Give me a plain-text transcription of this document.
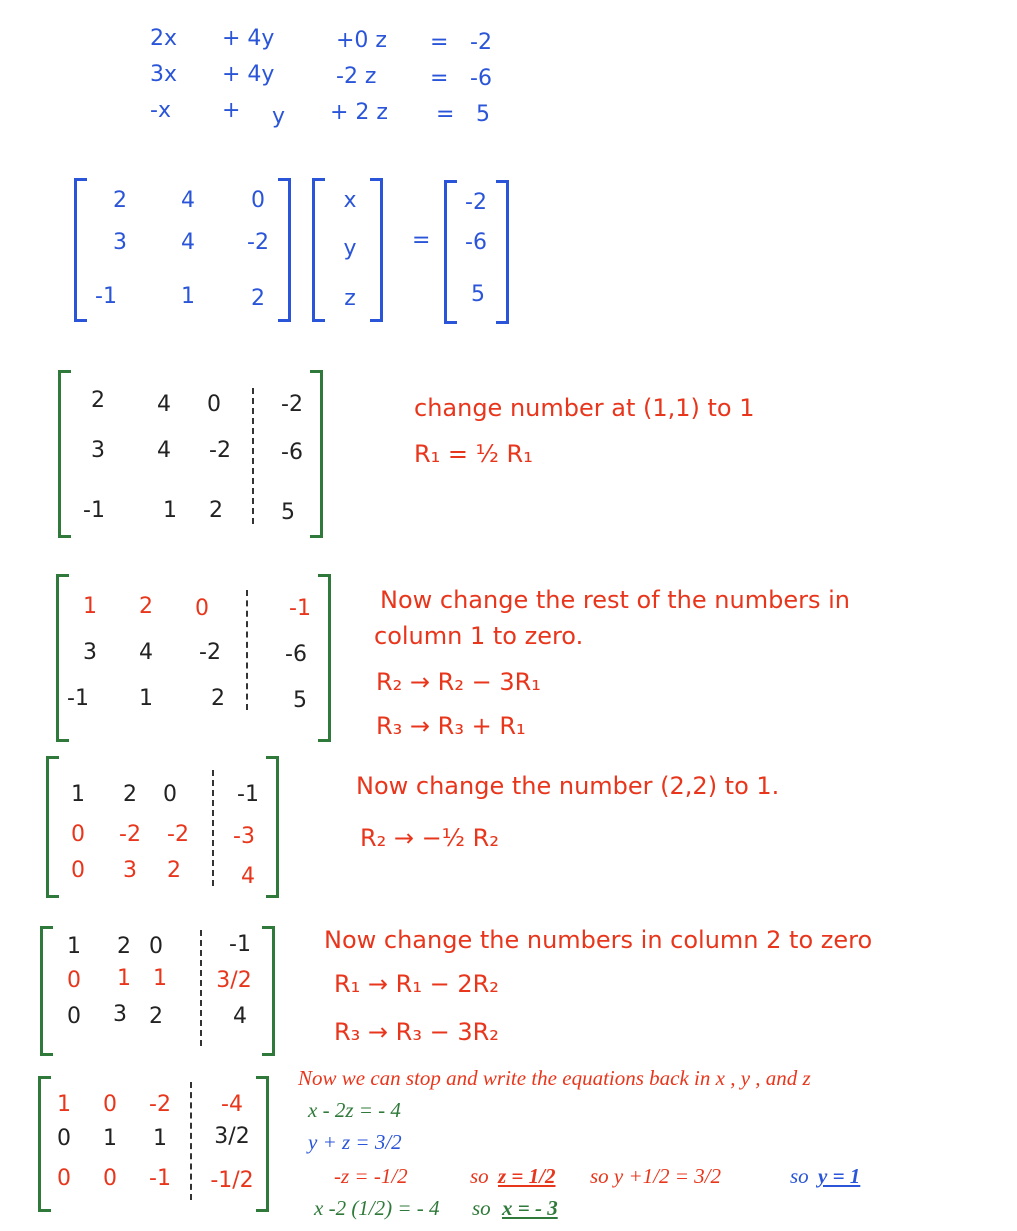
2x + 4y	+0 z = -2
3x + 4y	-2 z = -6
-x + y + 2 z = 5
2	4	0
3	4	-2
-1	1	2
x
y
z
=
-2
-6
5
2	4	0	-2
3	4	-2	-6
-1	1	2	5
change number at (1,1) to 1
R₁ = ½ R₁
1	2	0	-1
3	4	-2	-6
-1	1	2	5
Now change the rest of the numbers in
column 1 to zero.
R₂ → R₂ − 3R₁
R₃ → R₃ + R₁
1	2	0	-1
0	-2	-2	-3
0	3	2	4
Now change the number (2,2) to 1.
R₂ → −½ R₂
1	2 0	-1
0	1	1	3/2
0	3	2	4
Now change the numbers in column 2 to zero
R₁ → R₁ − 2R₂
R₃ → R₃ − 3R₂
1	0	-2	-4
0	1	1	3/2
0	0	-1	-1/2
Now we can stop and write the equations back in x , y , and z
x - 2z = - 4
y + z = 3/2
-z = -1/2	so z = 1/2 so y +1/2 = 3/2	so y = 1
x -2 (1/2) = - 4 so x = - 3
